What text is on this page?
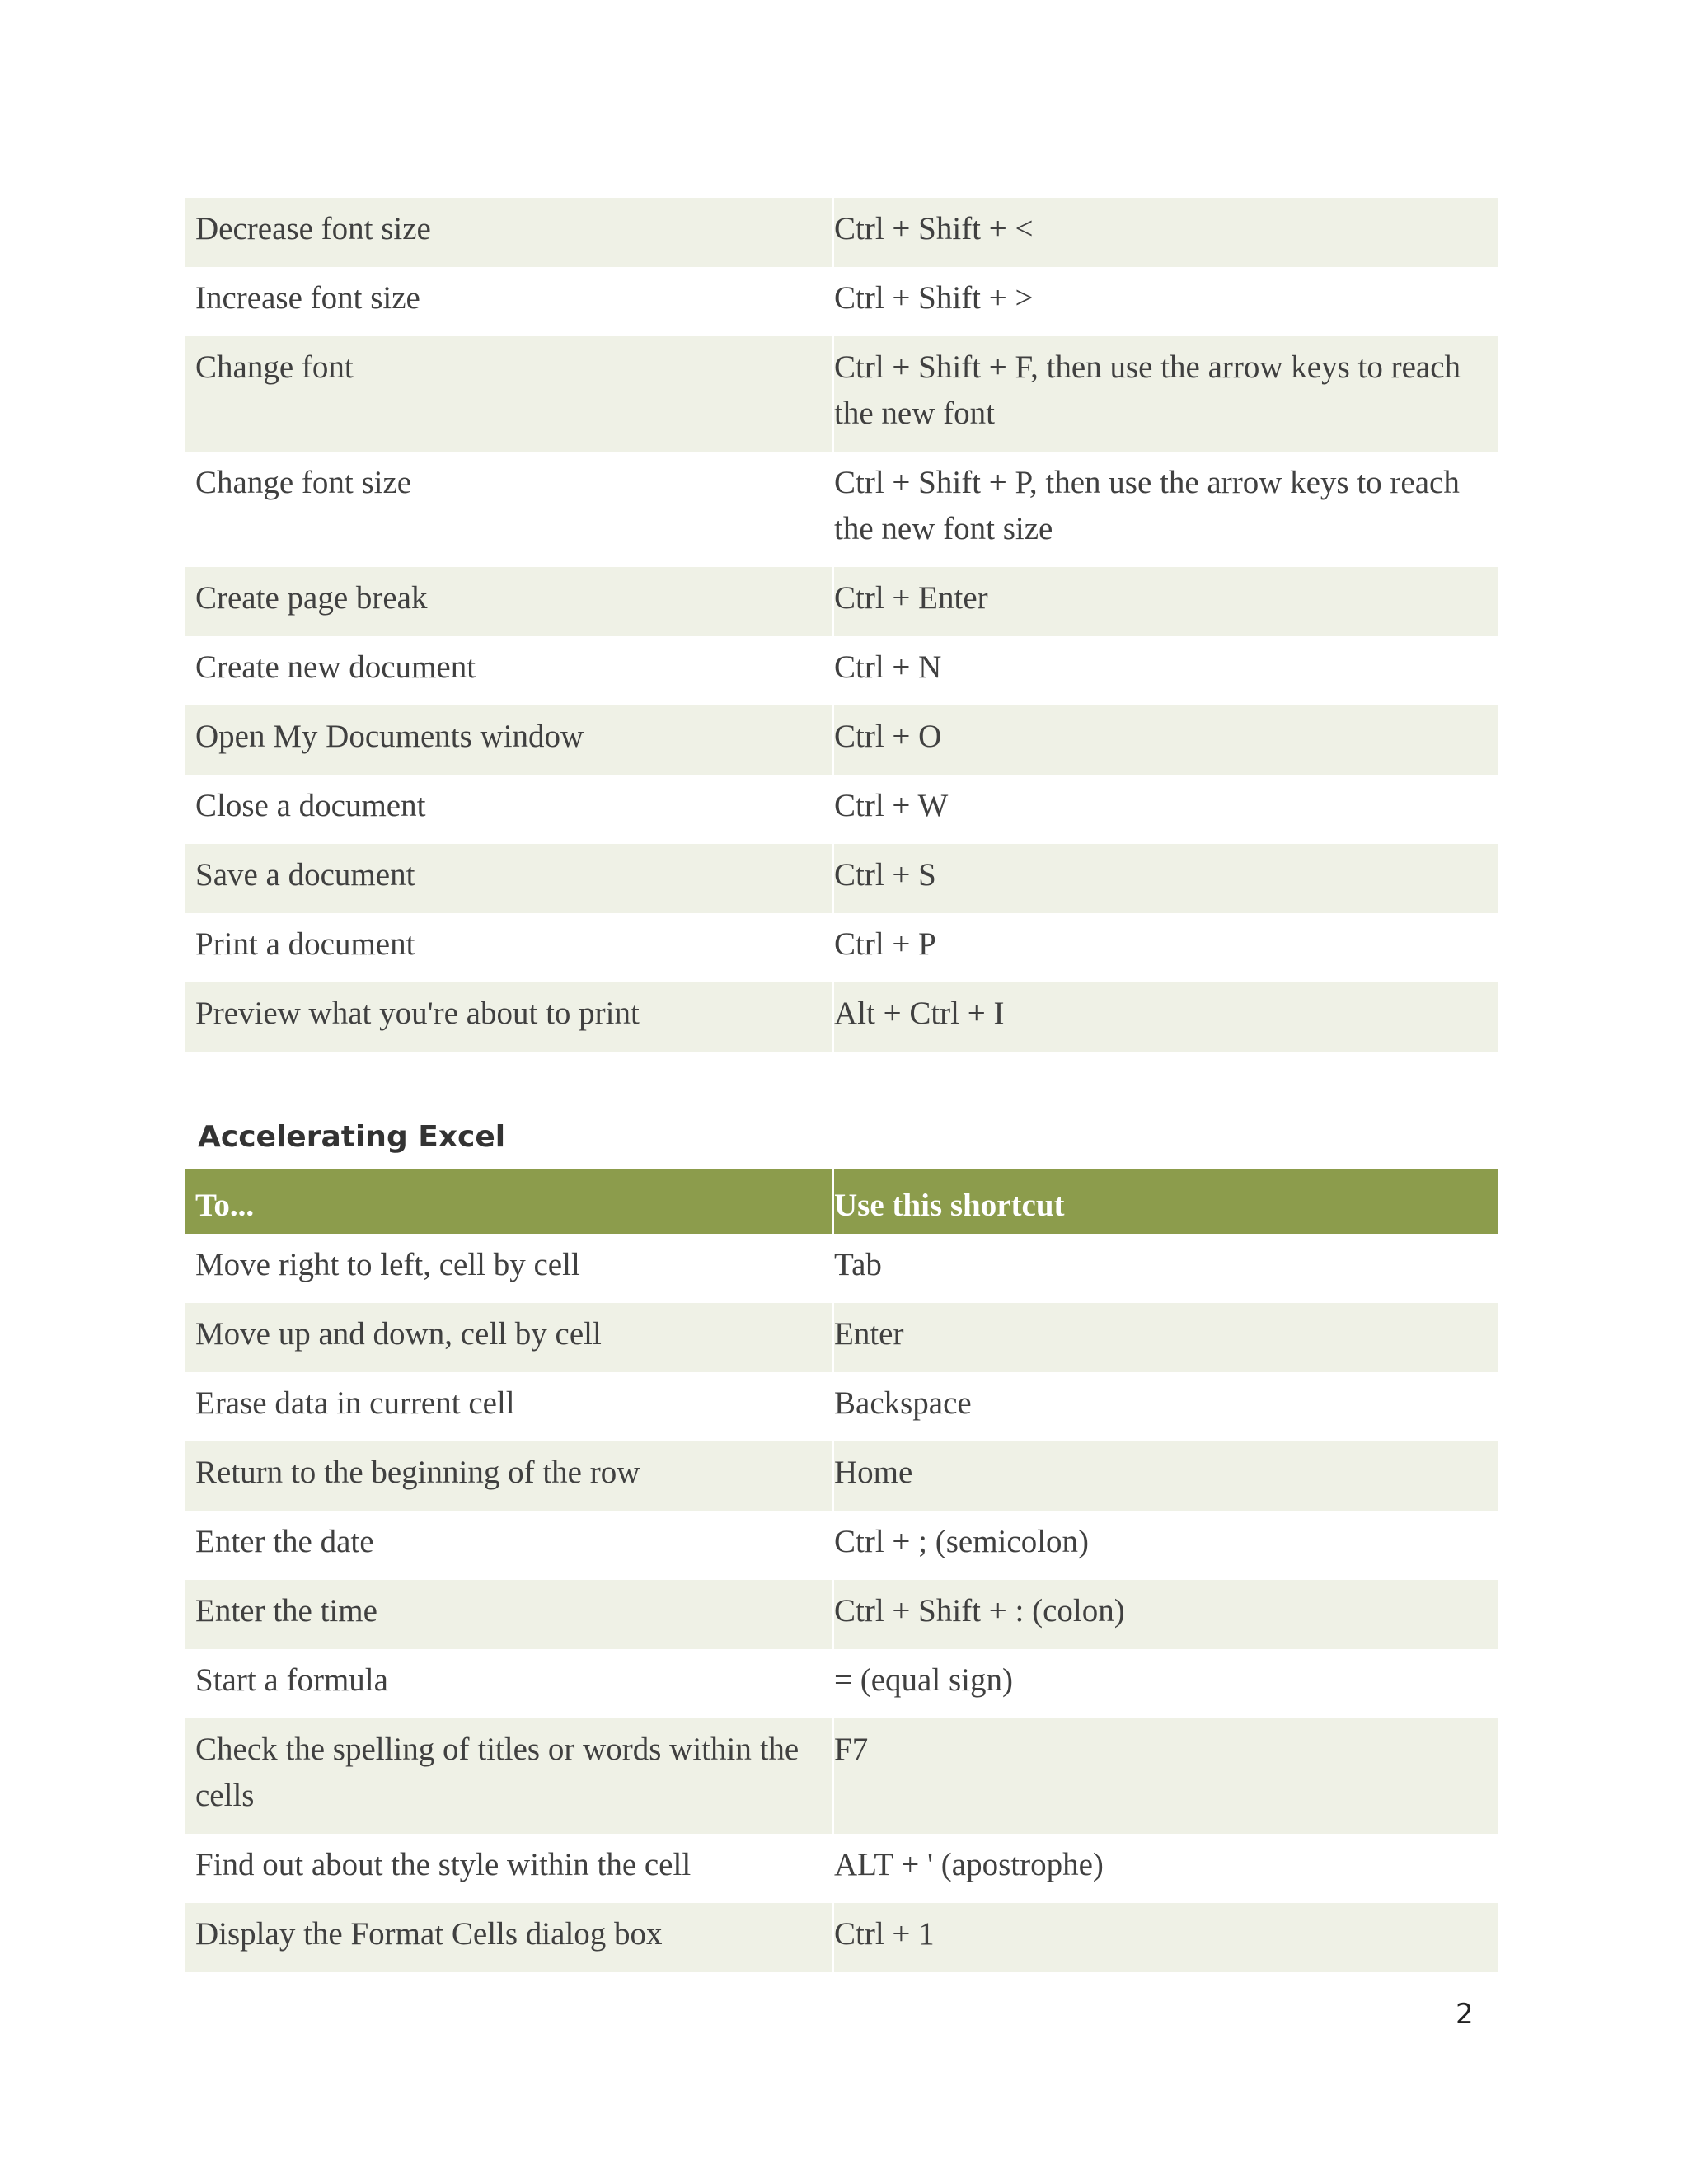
Decrease font size	Ctrl + Shift + <
Increase font size	Ctrl + Shift + >
Change font	Ctrl + Shift + F, then use the arrow keys to reach the new font
Change font size	Ctrl + Shift + P, then use the arrow keys to reach the new font size
Create page break	Ctrl + Enter
Create new document	Ctrl + N
Open My Documents window	Ctrl + O
Close a document	Ctrl + W
Save a document	Ctrl + S
Print a document	Ctrl + P
Preview what you're about to print	Alt + Ctrl + I
Accelerating Excel
To...	Use this shortcut
Move right to left, cell by cell	Tab
Move up and down, cell by cell	Enter
Erase data in current cell	Backspace
Return to the beginning of the row	Home
Enter the date	Ctrl + ; (semicolon)
Enter the time	Ctrl + Shift + : (colon)
Start a formula	= (equal sign)
Check the spelling of titles or words within the cells	F7
Find out about the style within the cell	ALT + ' (apostrophe)
Display the Format Cells dialog box	Ctrl + 1
2
